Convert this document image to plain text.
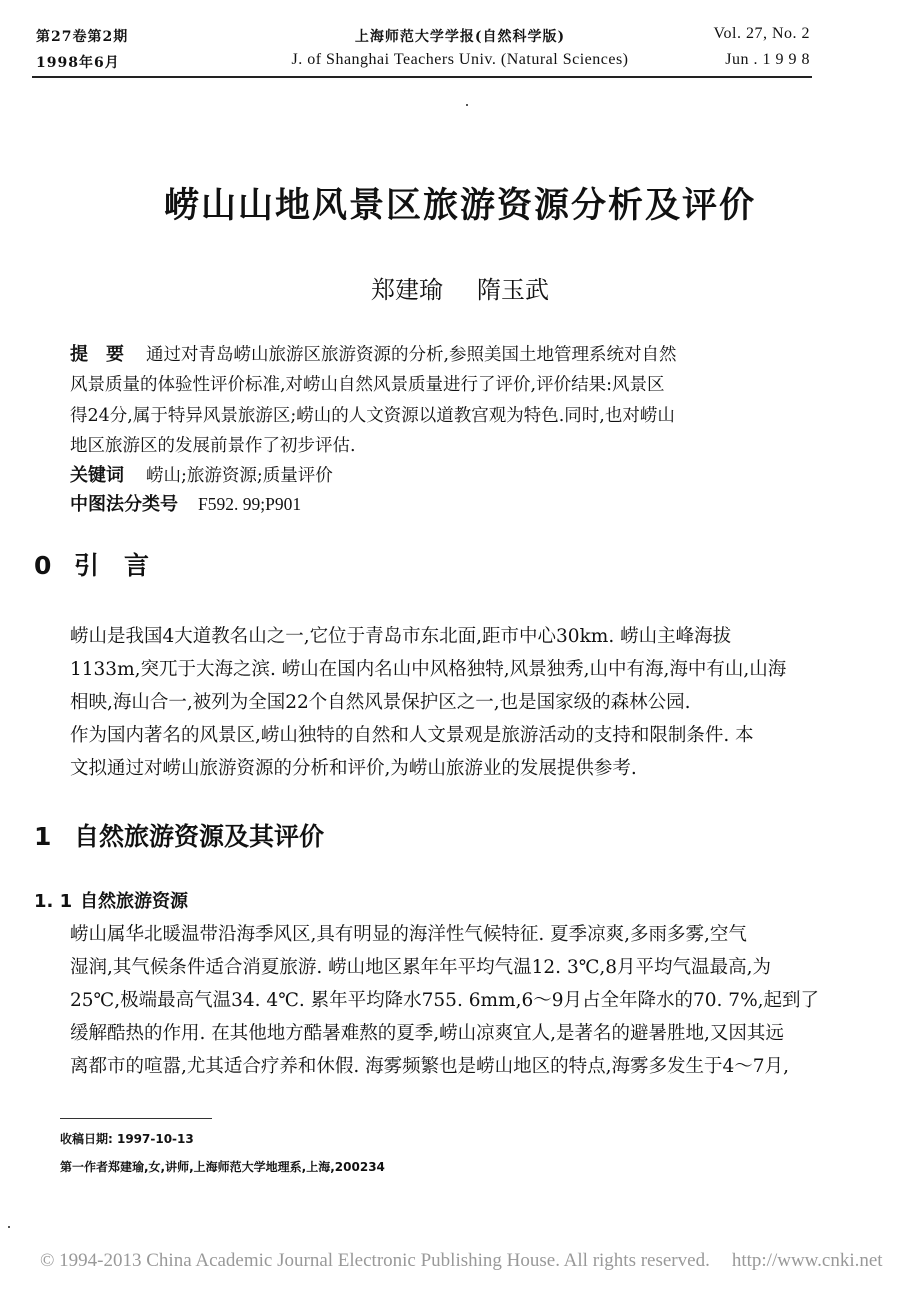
第27卷第2期
1998年6月
上海师范大学学报(自然科学版)
J. of Shanghai Teachers Univ. (Natural Sciences)
Vol. 27, No. 2
Jun . 1 9 9 8
崂山山地风景区旅游资源分析及评价
郑建瑜 隋玉武
提　要 通过对青岛崂山旅游区旅游资源的分析,参照美国土地管理系统对自然
风景质量的体验性评价标准,对崂山自然风景质量进行了评价,评价结果:风景区
得24分,属于特异风景旅游区;崂山的人文资源以道教宫观为特色.同时,也对崂山
地区旅游区的发展前景作了初步评估.
关键词 崂山;旅游资源;质量评价
中图法分类号 F592. 99;P901
0 引　言
崂山是我国4大道教名山之一,它位于青岛市东北面,距市中心30km. 崂山主峰海拔
1133m,突兀于大海之滨. 崂山在国内名山中风格独特,风景独秀,山中有海,海中有山,山海
相映,海山合一,被列为全国22个自然风景保护区之一,也是国家级的森林公园.
作为国内著名的风景区,崂山独特的自然和人文景观是旅游活动的支持和限制条件. 本
文拟通过对崂山旅游资源的分析和评价,为崂山旅游业的发展提供参考.
1 自然旅游资源及其评价
1. 1 自然旅游资源
崂山属华北暖温带沿海季风区,具有明显的海洋性气候特征. 夏季凉爽,多雨多雾,空气
湿润,其气候条件适合消夏旅游. 崂山地区累年年平均气温12. 3℃,8月平均气温最高,为
25℃,极端最高气温34. 4℃. 累年平均降水755. 6mm,6～9月占全年降水的70. 7%,起到了
缓解酷热的作用. 在其他地方酷暑难熬的夏季,崂山凉爽宜人,是著名的避暑胜地,又因其远
离都市的喧嚣,尤其适合疗养和休假. 海雾频繁也是崂山地区的特点,海雾多发生于4～7月,
收稿日期: 1997-10-13
第一作者郑建瑜,女,讲师,上海师范大学地理系,上海,200234
© 1994-2013 China Academic Journal Electronic Publishing House. All rights reserved. http://www.cnki.net
